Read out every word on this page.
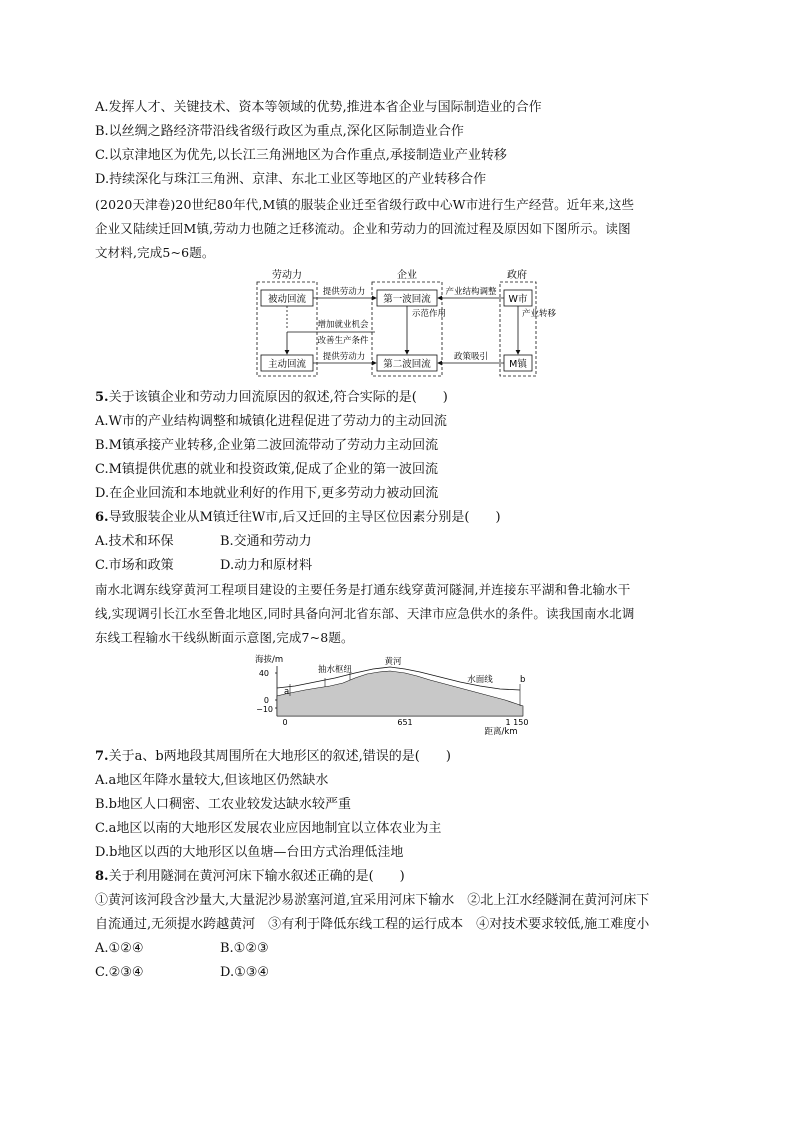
A.发挥人才、关键技术、资本等领域的优势,推进本省企业与国际制造业的合作
B.以丝绸之路经济带沿线省级行政区为重点,深化区际制造业合作
C.以京津地区为优先,以长江三角洲地区为合作重点,承接制造业产业转移
D.持续深化与珠江三角洲、京津、东北工业区等地区的产业转移合作
(2020天津卷)20世纪80年代,M镇的服装企业迁至省级行政中心W市进行生产经营。近年来,这些
企业又陆续迁回M镇,劳动力也随之迁移流动。企业和劳动力的回流过程及原因如下图所示。读图
文材料,完成5~6题。
劳动力	企业	政府
被动回流
主动回流
第一波回流
第二波回流
W市
M镇
提供劳动力
提供劳动力
产业结构调整
政策吸引
示范作用	产业转移
增加就业机会
改善生产条件
5.关于该镇企业和劳动力回流原因的叙述,符合实际的是(　　)
A.W市的产业结构调整和城镇化进程促进了劳动力的主动回流
B.M镇承接产业转移,企业第二波回流带动了劳动力主动回流
C.M镇提供优惠的就业和投资政策,促成了企业的第一波回流
D.在企业回流和本地就业利好的作用下,更多劳动力被动回流
6.导致服装企业从M镇迁往W市,后又迁回的主导区位因素分别是(　　)
A.技术和环保	B.交通和劳动力
C.市场和政策	D.动力和原材料
南水北调东线穿黄河工程项目建设的主要任务是打通东线穿黄河隧洞,并连接东平湖和鲁北输水干
线,实现调引长江水至鲁北地区,同时具备向河北省东部、天津市应急供水的条件。读我国南水北调
东线工程输水干线纵断面示意图,完成7~8题。
海拔/m
40
0
−10
a
b
抽水枢纽
黄河
水面线
0	651	1 150
距离/km
7.关于a、b两地段其周围所在大地形区的叙述,错误的是(　　)
A.a地区年降水量较大,但该地区仍然缺水
B.b地区人口稠密、工农业较发达缺水较严重
C.a地区以南的大地形区发展农业应因地制宜以立体农业为主
D.b地区以西的大地形区以鱼塘—台田方式治理低洼地
8.关于利用隧洞在黄河河床下输水叙述正确的是(　　)
①黄河该河段含沙量大,大量泥沙易淤塞河道,宜采用河床下输水　②北上江水经隧洞在黄河河床下
自流通过,无须提水跨越黄河　③有利于降低东线工程的运行成本　④对技术要求较低,施工难度小
A.①②④	B.①②③
C.②③④	D.①③④
